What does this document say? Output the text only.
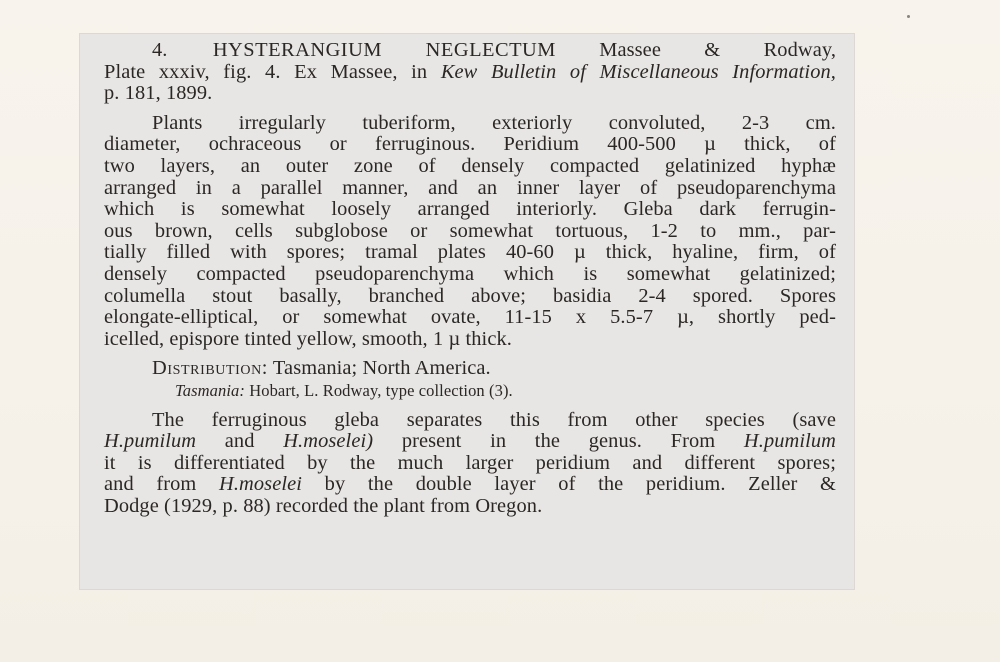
4. HYSTERANGIUM NEGLECTUM Massee & Rodway,
Plate xxxiv, fig. 4. Ex Massee, in Kew Bulletin of Miscellaneous Information,
p. 181, 1899.

Plants irregularly tuberiform, exteriorly convoluted, 2-3 cm.
diameter, ochraceous or ferruginous. Peridium 400-500 µ thick, of
two layers, an outer zone of densely compacted gelatinized hyphæ
arranged in a parallel manner, and an inner layer of pseudoparenchyma
which is somewhat loosely arranged interiorly. Gleba dark ferrugin-
ous brown, cells subglobose or somewhat tortuous, 1-2 to mm., par-
tially filled with spores; tramal plates 40-60 µ thick, hyaline, firm, of
densely compacted pseudoparenchyma which is somewhat gelatinized;
columella stout basally, branched above; basidia 2-4 spored. Spores
elongate-elliptical, or somewhat ovate, 11-15 x 5.5-7 µ, shortly ped-
icelled, epispore tinted yellow, smooth, 1 µ thick.

Distribution: Tasmania; North America.

Tasmania: Hobart, L. Rodway, type collection (3).

The ferruginous gleba separates this from other species (save
H.pumilum and H.moselei) present in the genus. From H.pumilum
it is differentiated by the much larger peridium and different spores;
and from H.moselei by the double layer of the peridium. Zeller &
Dodge (1929, p. 88) recorded the plant from Oregon.
